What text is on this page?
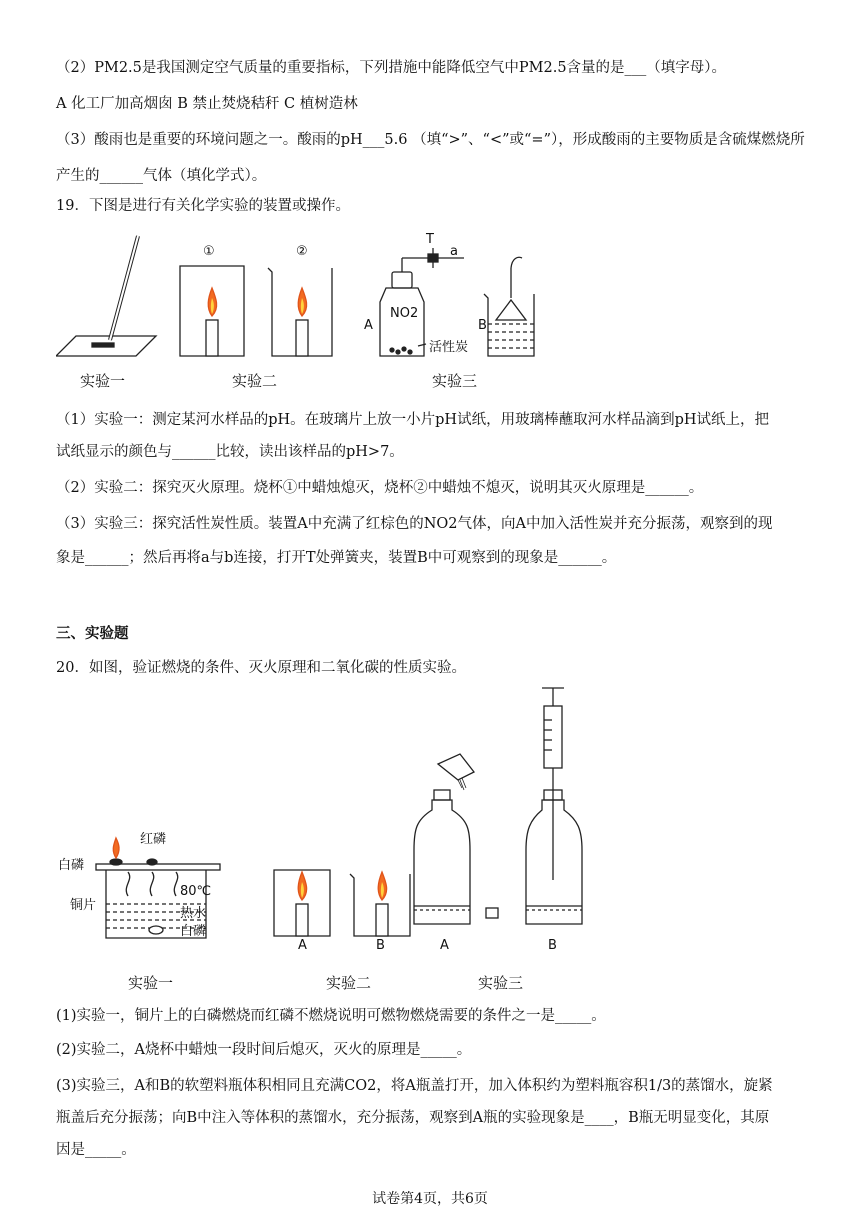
（2）PM2.5是我国测定空气质量的重要指标，下列措施中能降低空气中PM2.5含量的是___（填字母）。
A 化工厂加高烟囱 B 禁止焚烧秸秆 C 植树造林
（3）酸雨也是重要的环境问题之一。酸雨的pH___5.6 （填“>”、“<”或“=”），形成酸雨的主要物质是含硫煤燃烧所
产生的______气体（填化学式）。
19．下图是进行有关化学实验的装置或操作。
①	②
T
a
A
NO2
活性炭
B
实验一	实验二	实验三
（1）实验一：测定某河水样品的pH。在玻璃片上放一小片pH试纸，用玻璃棒蘸取河水样品滴到pH试纸上，把
试纸显示的颜色与______比较，读出该样品的pH>7。
（2）实验二：探究灭火原理。烧杯①中蜡烛熄灭，烧杯②中蜡烛不熄灭，说明其灭火原理是______。
（3）实验三：探究活性炭性质。装置A中充满了红棕色的NO2气体，向A中加入活性炭并充分振荡，观察到的现
象是______；然后再将a与b连接，打开T处弹簧夹，装置B中可观察到的现象是______。
三、实验题
20．如图，验证燃烧的条件、灭火原理和二氧化碳的性质实验。
红磷
白磷
铜片
80℃
热水
白磷
A	B	A	B
实验一	实验二	实验三
(1)实验一，铜片上的白磷燃烧而红磷不燃烧说明可燃物燃烧需要的条件之一是_____。
(2)实验二，A烧杯中蜡烛一段时间后熄灭，灭火的原理是_____。
(3)实验三，A和B的软塑料瓶体积相同且充满CO2，将A瓶盖打开，加入体积约为塑料瓶容积1/3的蒸馏水，旋紧
瓶盖后充分振荡；向B中注入等体积的蒸馏水，充分振荡，观察到A瓶的实验现象是____，B瓶无明显变化，其原
因是_____。
试卷第4页，共6页
